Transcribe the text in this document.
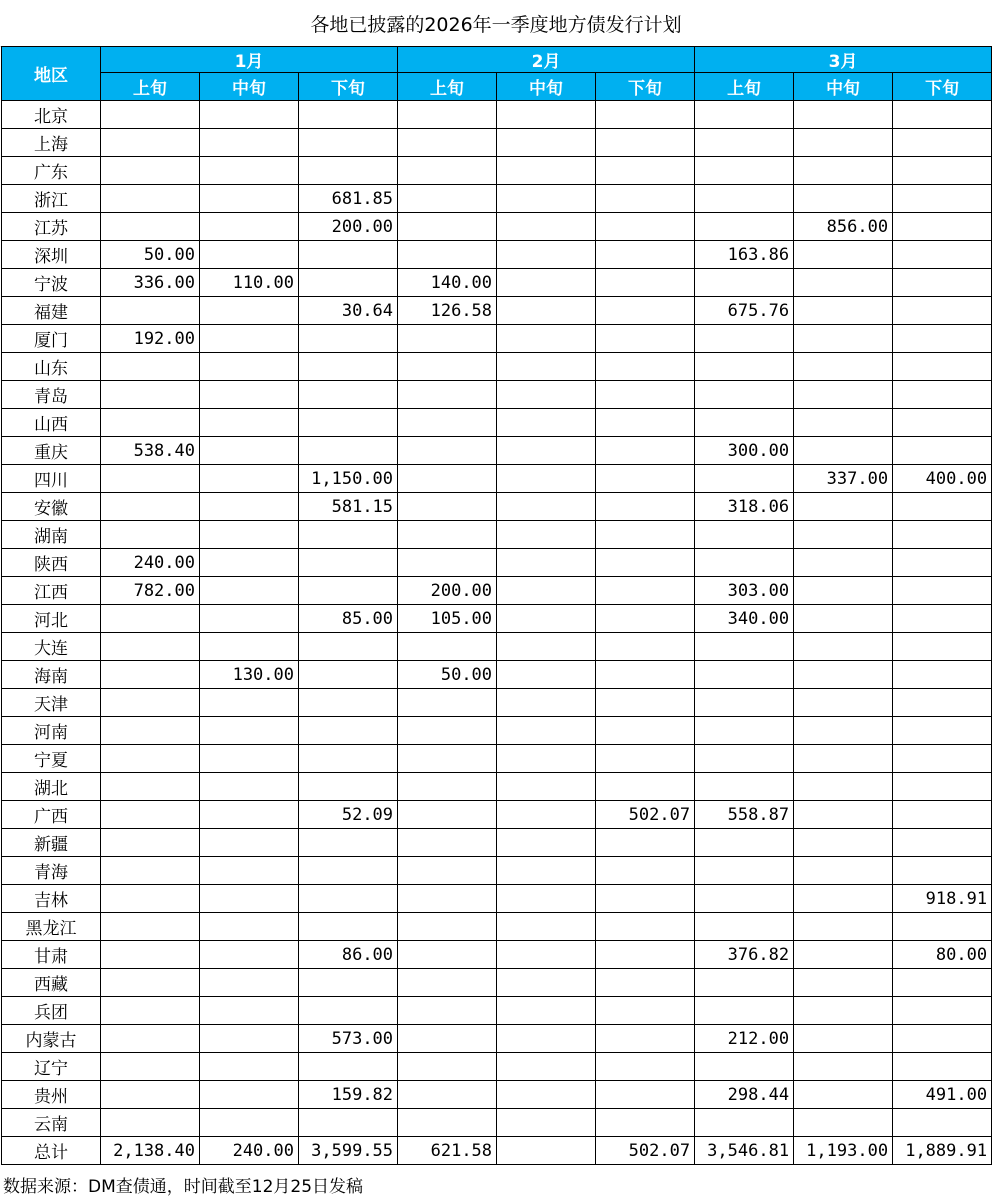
各地已披露的2026年一季度地方债发行计划
地区	1月			2月			3月		
	上旬	中旬	下旬	上旬	中旬	下旬	上旬	中旬	下旬
北京									
上海									
广东									
浙江			681.85						
江苏			200.00					856.00	
深圳	50.00						163.86		
宁波	336.00	110.00		140.00					
福建			30.64	126.58			675.76		
厦门	192.00								
山东									
青岛									
山西									
重庆	538.40						300.00		
四川			1,150.00					337.00	400.00
安徽			581.15				318.06		
湖南									
陕西	240.00								
江西	782.00			200.00			303.00		
河北			85.00	105.00			340.00		
大连									
海南		130.00		50.00					
天津									
河南									
宁夏									
湖北									
广西			52.09			502.07	558.87		
新疆									
青海									
吉林									918.91
黑龙江									
甘肃			86.00				376.82		80.00
西藏									
兵团									
内蒙古			573.00				212.00		
辽宁									
贵州			159.82				298.44		491.00
云南									
总计	2,138.40	240.00	3,599.55	621.58		502.07	3,546.81	1,193.00	1,889.91
数据来源：DM查债通，时间截至12月25日发稿
